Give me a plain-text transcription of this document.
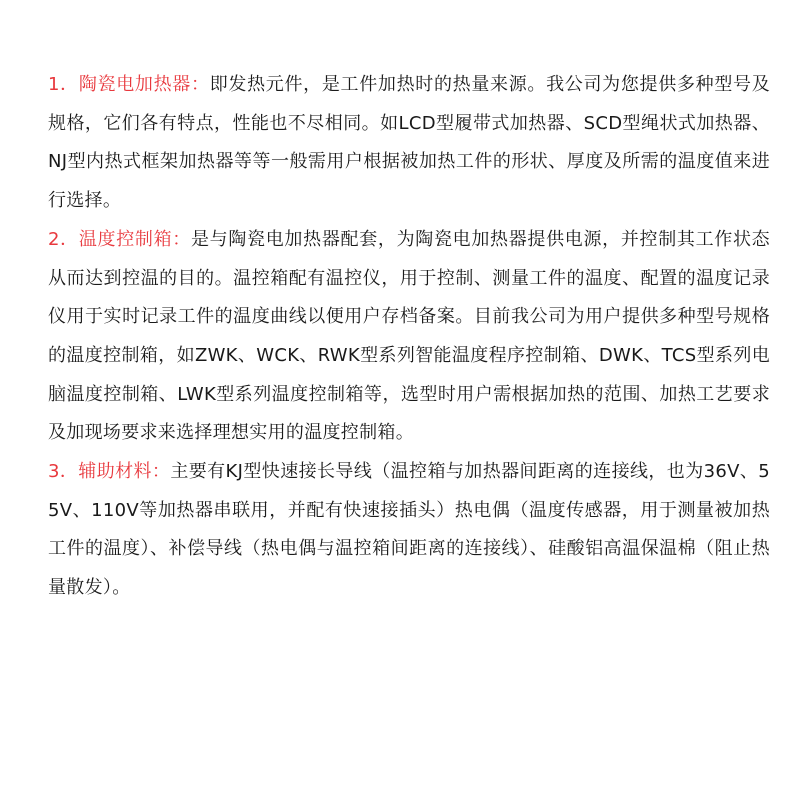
1．陶瓷电加热器：即发热元件，是工件加热时的热量来源。我公司为您提供多种型号及规格，它们各有特点，性能也不尽相同。如LCD型履带式加热器、SCD型绳状式加热器、NJ型内热式框架加热器等等一般需用户根据被加热工件的形状、厚度及所需的温度值来进行选择。

2．温度控制箱：是与陶瓷电加热器配套，为陶瓷电加热器提供电源，并控制其工作状态从而达到控温的目的。温控箱配有温控仪，用于控制、测量工件的温度、配置的温度记录仪用于实时记录工件的温度曲线以便用户存档备案。目前我公司为用户提供多种型号规格的温度控制箱，如ZWK、WCK、RWK型系列智能温度程序控制箱、DWK、TCS型系列电脑温度控制箱、LWK型系列温度控制箱等，选型时用户需根据加热的范围、加热工艺要求及加现场要求来选择理想实用的温度控制箱。

3．辅助材料：主要有KJ型快速接长导线（温控箱与加热器间距离的连接线，也为36V、55V、110V等加热器串联用，并配有快速接插头）热电偶（温度传感器，用于测量被加热工件的温度）、补偿导线（热电偶与温控箱间距离的连接线）、硅酸铝高温保温棉（阻止热量散发）。
